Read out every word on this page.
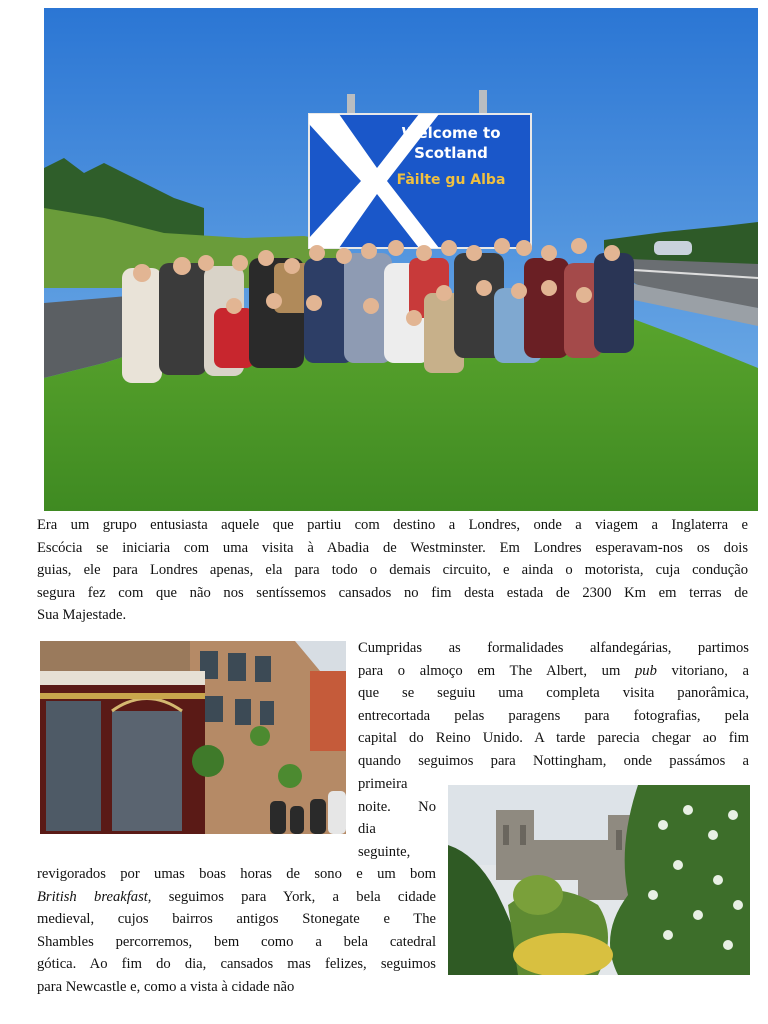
Welcome to
Scotland
Fàilte gu Alba
Era um grupo entusiasta aquele que partiu com destino a Londres, onde a viagem a Inglaterra e
Escócia se iniciaria com uma visita à Abadia de Westminster. Em Londres esperavam-nos os dois
guias, ele para Londres apenas, ela para todo o demais circuito, e ainda o motorista, cuja condução
segura fez com que não nos sentíssemos cansados no fim desta estada de 2300 Km em terras de
Sua Majestade.
Cumpridas as formalidades alfandegárias, partimos
para o almoço em The Albert, um pub vitoriano, a
que se seguiu uma completa visita panorâmica,
entrecortada pelas paragens para fotografias, pela
capital do Reino Unido. A tarde parecia chegar ao fim
quando seguimos para Nottingham, onde passámos a
primeira
noite. No
dia
seguinte,
revigorados por umas boas horas de sono e um bom
British breakfast, seguimos para York, a bela cidade
medieval, cujos bairros antigos Stonegate e The
Shambles percorremos, bem como a bela catedral
gótica. Ao fim do dia, cansados mas felizes, seguimos
para Newcastle e, como a vista à cidade não
